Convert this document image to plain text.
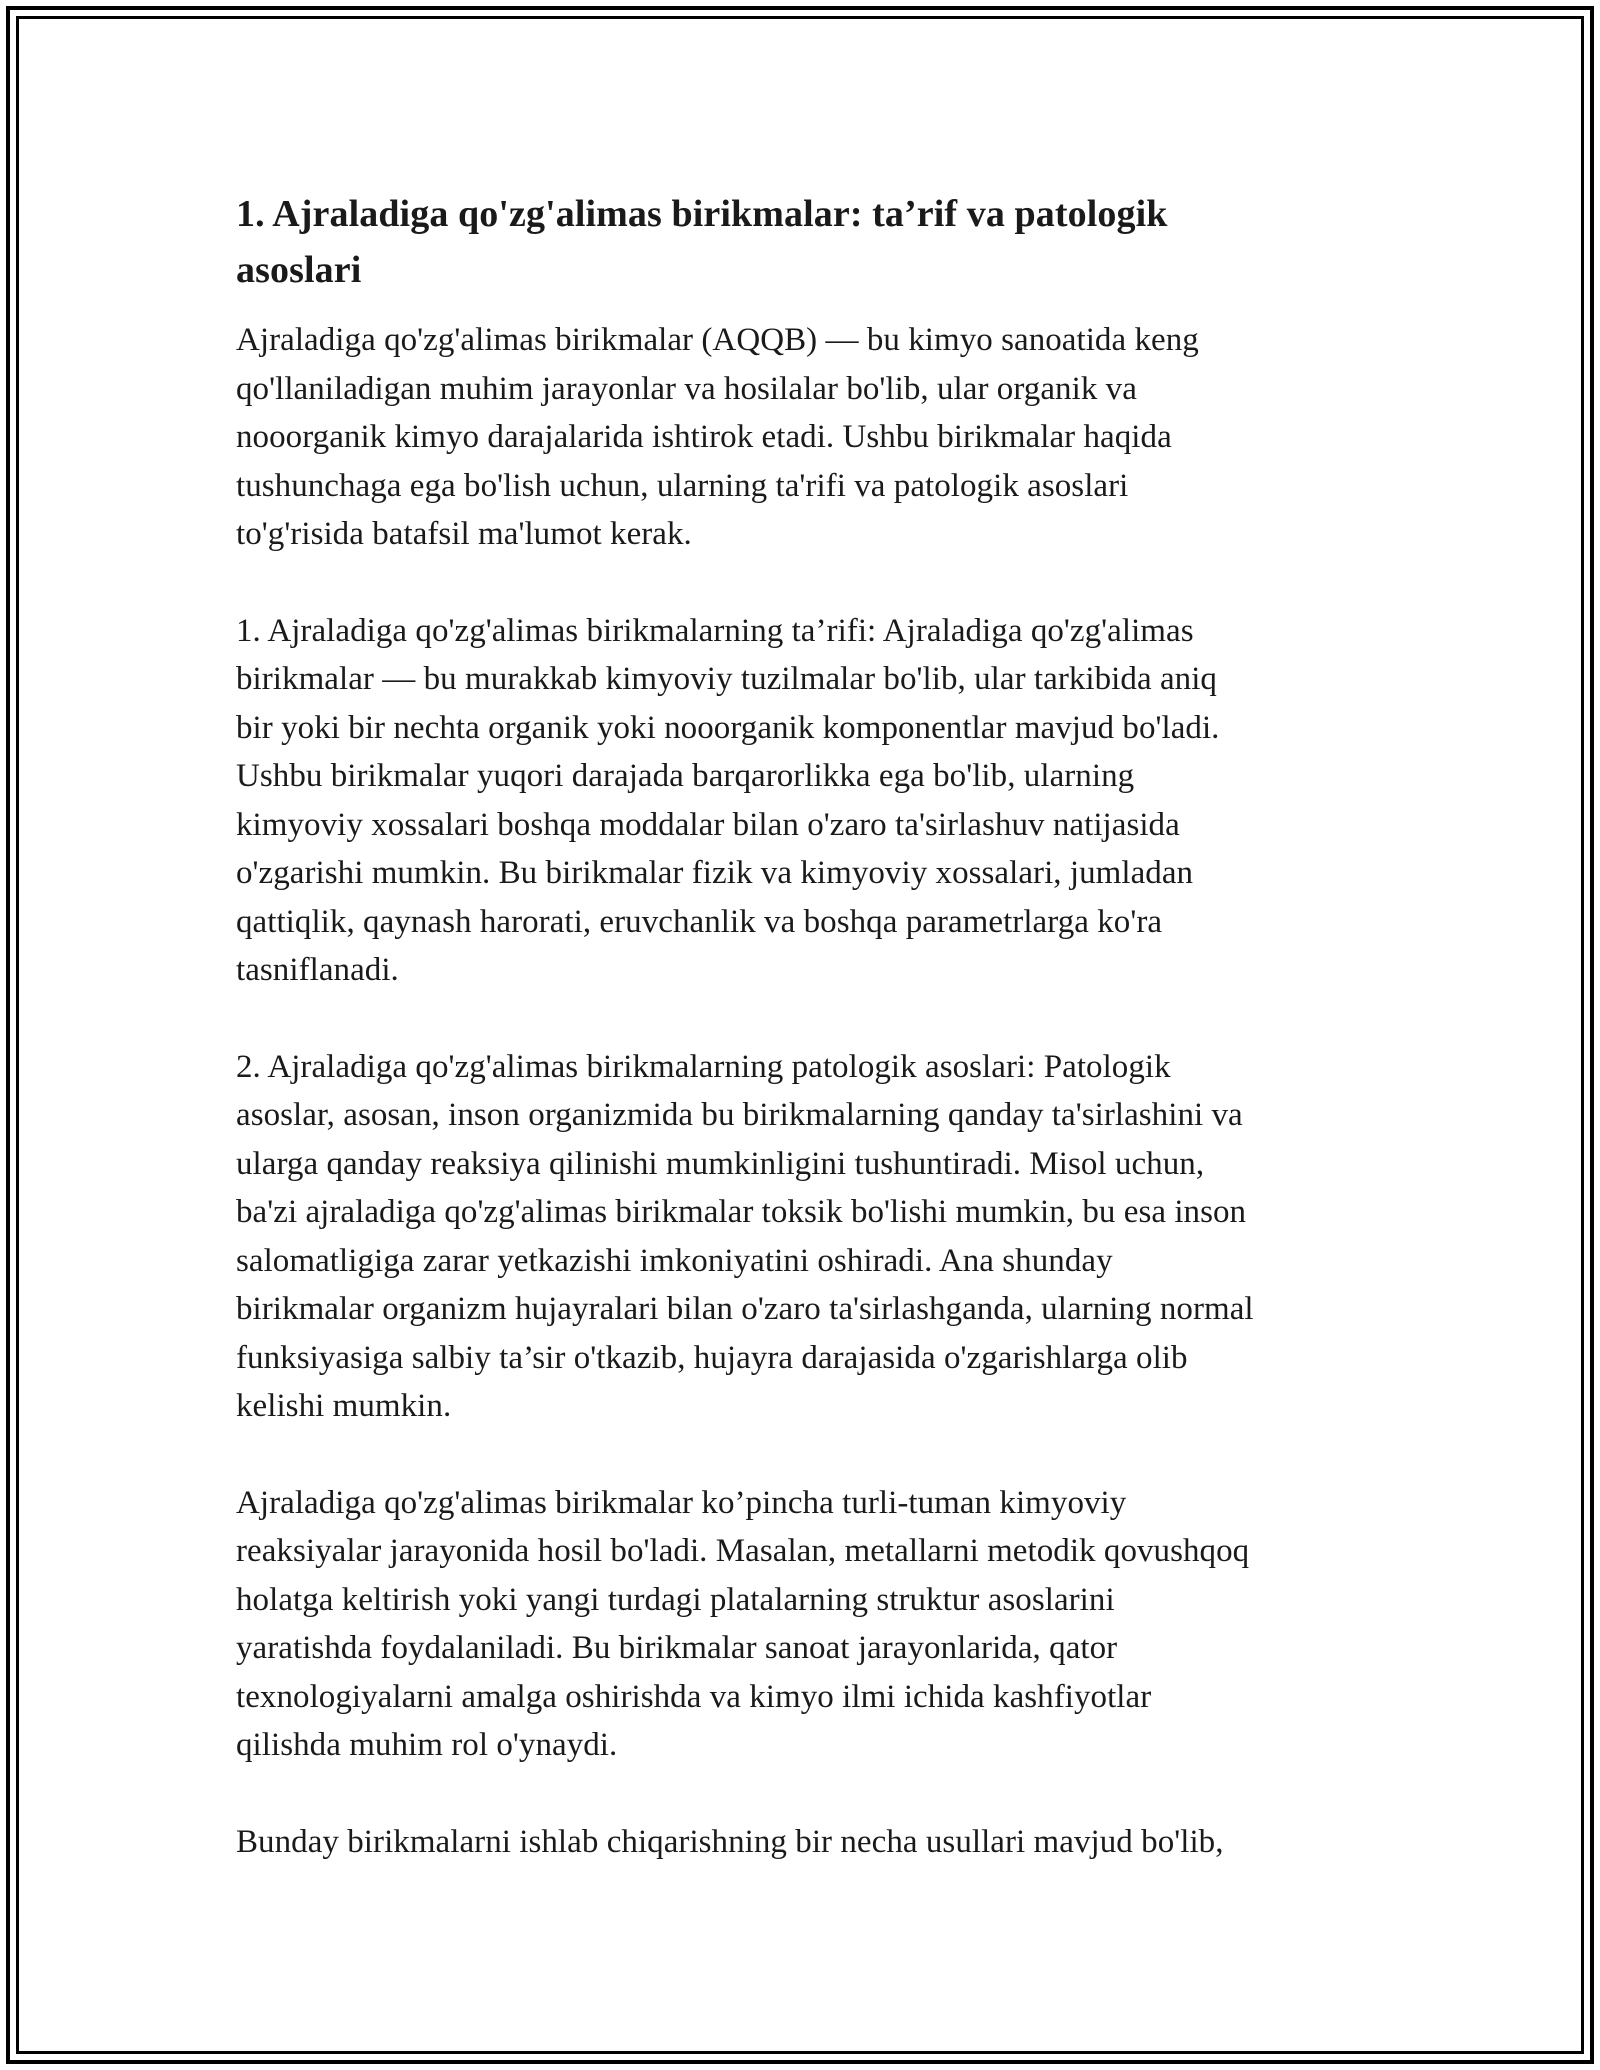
1. Ajraladiga qo'zg'alimas birikmalar: ta’rif va patologik
asoslari

Ajraladiga qo'zg'alimas birikmalar (AQQB) — bu kimyo sanoatida keng
qo'llaniladigan muhim jarayonlar va hosilalar bo'lib, ular organik va
nooorganik kimyo darajalarida ishtirok etadi. Ushbu birikmalar haqida
tushunchaga ega bo'lish uchun, ularning ta'rifi va patologik asoslari
to'g'risida batafsil ma'lumot kerak.

1. Ajraladiga qo'zg'alimas birikmalarning ta’rifi: Ajraladiga qo'zg'alimas
birikmalar — bu murakkab kimyoviy tuzilmalar bo'lib, ular tarkibida aniq
bir yoki bir nechta organik yoki nooorganik komponentlar mavjud bo'ladi.
Ushbu birikmalar yuqori darajada barqarorlikka ega bo'lib, ularning
kimyoviy xossalari boshqa moddalar bilan o'zaro ta'sirlashuv natijasida
o'zgarishi mumkin. Bu birikmalar fizik va kimyoviy xossalari, jumladan
qattiqlik, qaynash harorati, eruvchanlik va boshqa parametrlarga ko'ra
tasniflanadi.

2. Ajraladiga qo'zg'alimas birikmalarning patologik asoslari: Patologik
asoslar, asosan, inson organizmida bu birikmalarning qanday ta'sirlashini va
ularga qanday reaksiya qilinishi mumkinligini tushuntiradi. Misol uchun,
ba'zi ajraladiga qo'zg'alimas birikmalar toksik bo'lishi mumkin, bu esa inson
salomatligiga zarar yetkazishi imkoniyatini oshiradi. Ana shunday
birikmalar organizm hujayralari bilan o'zaro ta'sirlashganda, ularning normal
funksiyasiga salbiy ta’sir o'tkazib, hujayra darajasida o'zgarishlarga olib
kelishi mumkin.

Ajraladiga qo'zg'alimas birikmalar ko’pincha turli-tuman kimyoviy
reaksiyalar jarayonida hosil bo'ladi. Masalan, metallarni metodik qovushqoq
holatga keltirish yoki yangi turdagi platalarning struktur asoslarini
yaratishda foydalaniladi. Bu birikmalar sanoat jarayonlarida, qator
texnologiyalarni amalga oshirishda va kimyo ilmi ichida kashfiyotlar
qilishda muhim rol o'ynaydi.

Bunday birikmalarni ishlab chiqarishning bir necha usullari mavjud bo'lib,
